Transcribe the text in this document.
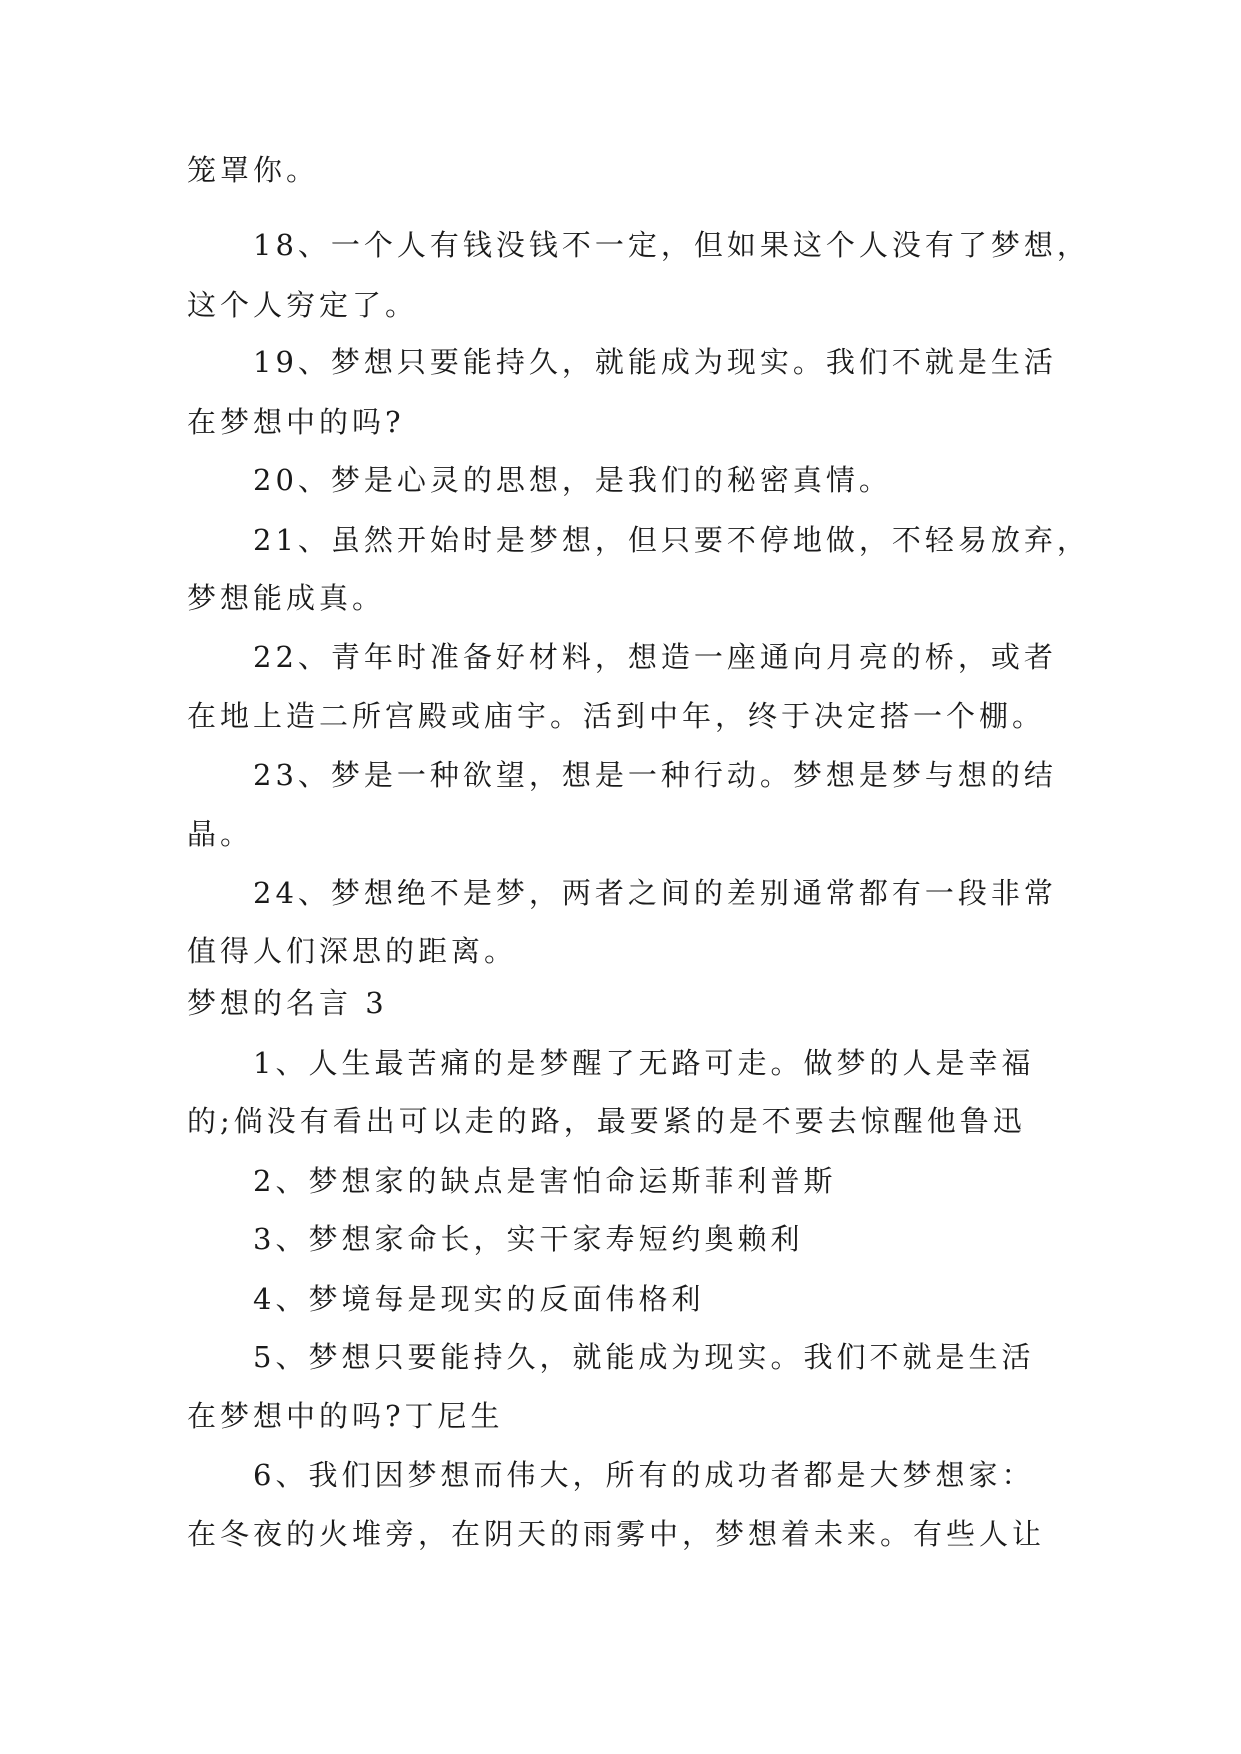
笼罩你。
18、一个人有钱没钱不一定，但如果这个人没有了梦想，
这个人穷定了。
19、梦想只要能持久，就能成为现实。我们不就是生活
在梦想中的吗?
20、梦是心灵的思想，是我们的秘密真情。
21、虽然开始时是梦想，但只要不停地做，不轻易放弃，
梦想能成真。
22、青年时准备好材料，想造一座通向月亮的桥，或者
在地上造二所宫殿或庙宇。活到中年，终于决定搭一个棚。
23、梦是一种欲望，想是一种行动。梦想是梦与想的结
晶。
24、梦想绝不是梦，两者之间的差别通常都有一段非常
值得人们深思的距离。
梦想的名言 3
1、人生最苦痛的是梦醒了无路可走。做梦的人是幸福
的;倘没有看出可以走的路，最要紧的是不要去惊醒他鲁迅
2、梦想家的缺点是害怕命运斯菲利普斯
3、梦想家命长，实干家寿短约奥赖利
4、梦境每是现实的反面伟格利
5、梦想只要能持久，就能成为现实。我们不就是生活
在梦想中的吗?丁尼生
6、我们因梦想而伟大，所有的成功者都是大梦想家：
在冬夜的火堆旁，在阴天的雨雾中，梦想着未来。有些人让
